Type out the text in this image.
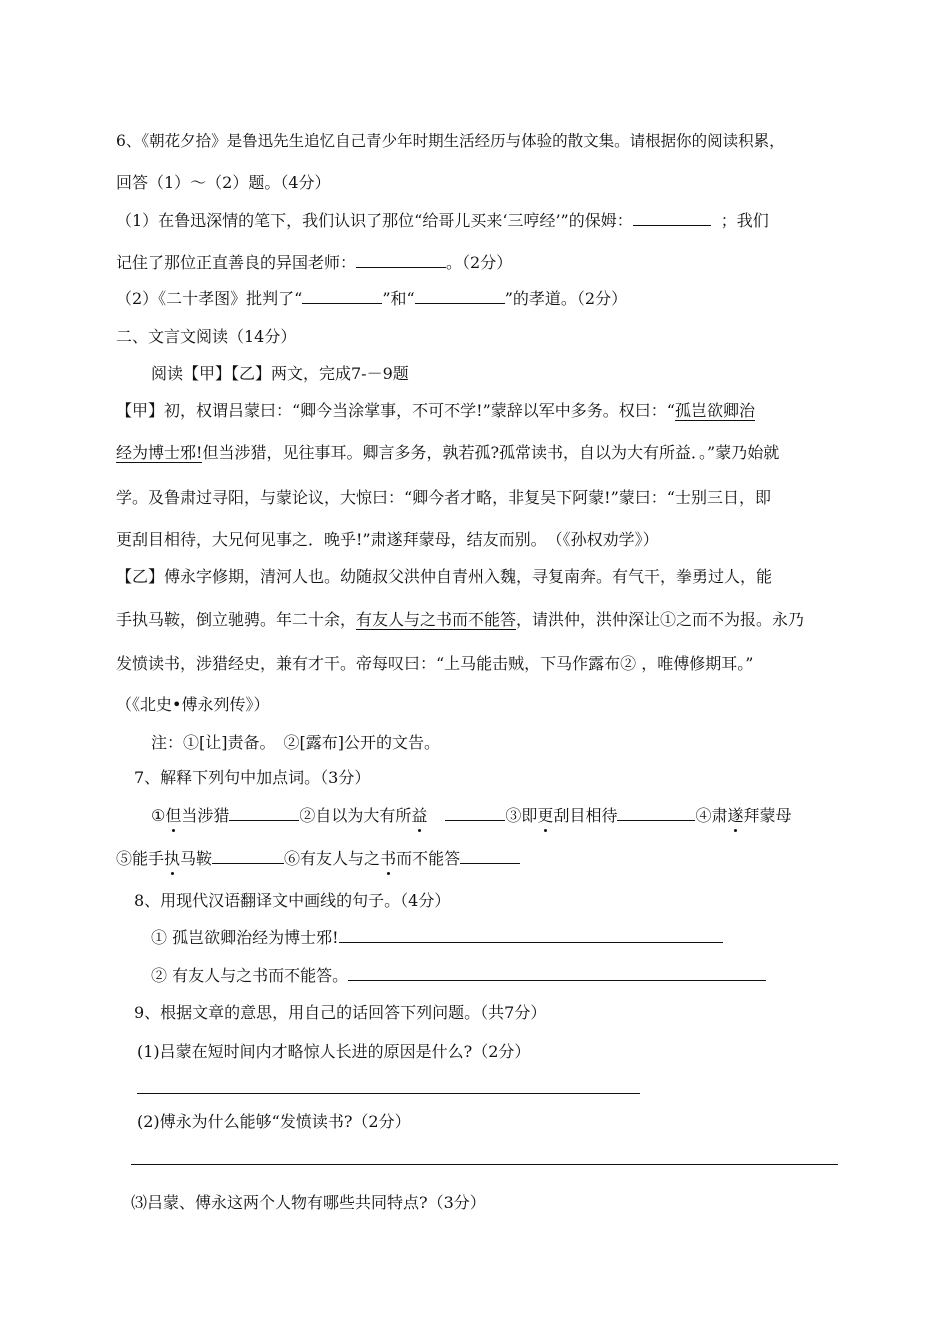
6、《朝花夕拾》是鲁迅先生追忆自己青少年时期生活经历与体验的散文集。请根据你的阅读积累，
回答（1）～（2）题。（4分）
（1）在鲁迅深情的笔下，我们认识了那位“给哥儿买来‘三哼经’”的保姆：	；我们
记住了那位正直善良的异国老师：	。（2分）
（2）《二十孝图》批判了“	”和“	”的孝道。（2分）
二、文言文阅读（14分）
阅读【甲】【乙】两文，完成7-－9题
【甲】初，权谓吕蒙曰：“卿今当涂掌事，不可不学!”蒙辞以军中多务。权曰：“孤岂欲卿治
经为博士邪!但当涉猎，见往事耳。卿言多务，孰若孤?孤常读书，自以为大有所益．。”蒙乃始就
学。及鲁肃过寻阳，与蒙论议，大惊曰：“卿今者才略，非复吴下阿蒙!”蒙曰：“士别三日，即
更刮目相待，大兄何见事之．晚乎!”肃遂拜蒙母，结友而别。　（《孙权劝学》）
【乙】傅永字修期，清河人也。幼随叔父洪仲自青州入魏，寻复南奔。有气干，拳勇过人，能
手执马鞍，倒立驰骋。年二十余，有友人与之书而不能答，请洪仲，洪仲深让①之而不为报。永乃
发愤读书，涉猎经史，兼有才干。帝每叹曰：“上马能击贼，下马作露布② ，唯傅修期耳。”
（《北史•傅永列传》）
注：①[让]责备。　②[露布]公开的文告。
7、解释下列句中加点词。（3分）
①但当涉猎	②自以为大有所益	③即更刮目相待	④肃遂拜蒙母
⑤能手执马鞍	⑥有友人与之书而不能答
8、用现代汉语翻译文中画线的句子。（4分）
① 孤岂欲卿治经为博士邪!
② 有友人与之书而不能答。
9、根据文章的意思，用自己的话回答下列问题。（共7分）
(1)吕蒙在短时间内才略惊人长进的原因是什么?（2分）
(2)傅永为什么能够“发愤读书?（2分）
⑶吕蒙、傅永这两个人物有哪些共同特点?（3分）
